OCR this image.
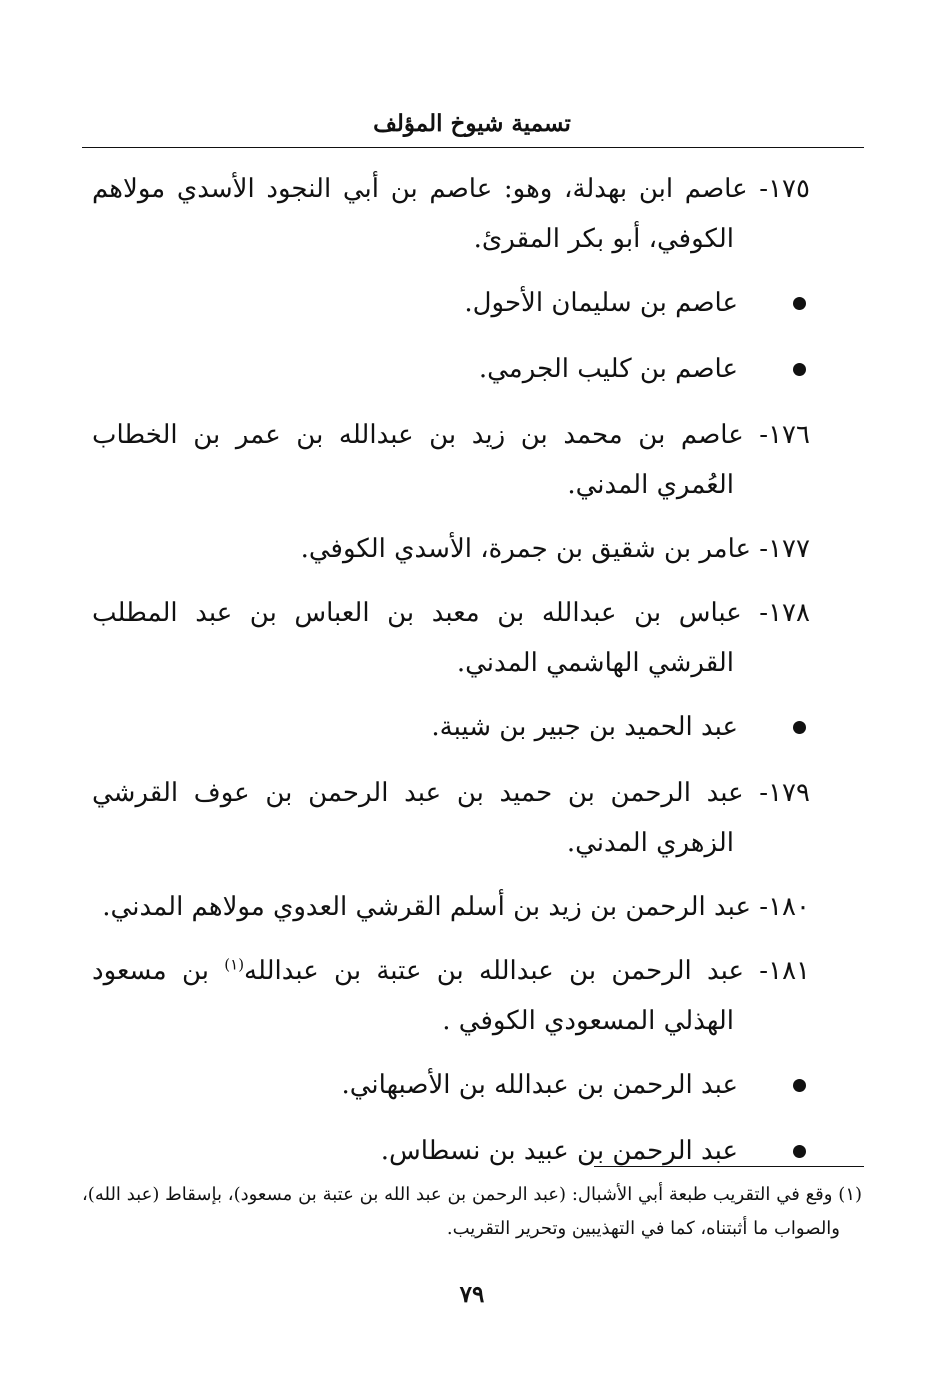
تسمية شيوخ المؤلف
١٧٥- عاصم ابن بهدلة، وهو: عاصم بن أبي النجود الأسدي مولاهم الكوفي، أبو بكر المقرئ.
عاصم بن سليمان الأحول.
عاصم بن كليب الجرمي.
١٧٦- عاصم بن محمد بن زيد بن عبدالله بن عمر بن الخطاب العُمري المدني.
١٧٧- عامر بن شقيق بن جمرة، الأسدي الكوفي.
١٧٨- عباس بن عبدالله بن معبد بن العباس بن عبد المطلب القرشي الهاشمي المدني.
عبد الحميد بن جبير بن شيبة.
١٧٩- عبد الرحمن بن حميد بن عبد الرحمن بن عوف القرشي الزهري المدني.
١٨٠- عبد الرحمن بن زيد بن أسلم القرشي العدوي مولاهم المدني.
١٨١- عبد الرحمن بن عبدالله بن عتبة بن عبدالله$^{(١)}$ بن مسعود الهذلي المسعودي الكوفي .
عبد الرحمن بن عبدالله بن الأصبهاني.
عبد الرحمن بن عبيد بن نسطاس.
(١) وقع في التقريب طبعة أبي الأشبال: (عبد الرحمن بن عبد الله بن عتبة بن مسعود)، بإسقاط (عبد الله)، والصواب ما أثبتناه، كما في التهذيبين وتحرير التقريب.
٧٩
